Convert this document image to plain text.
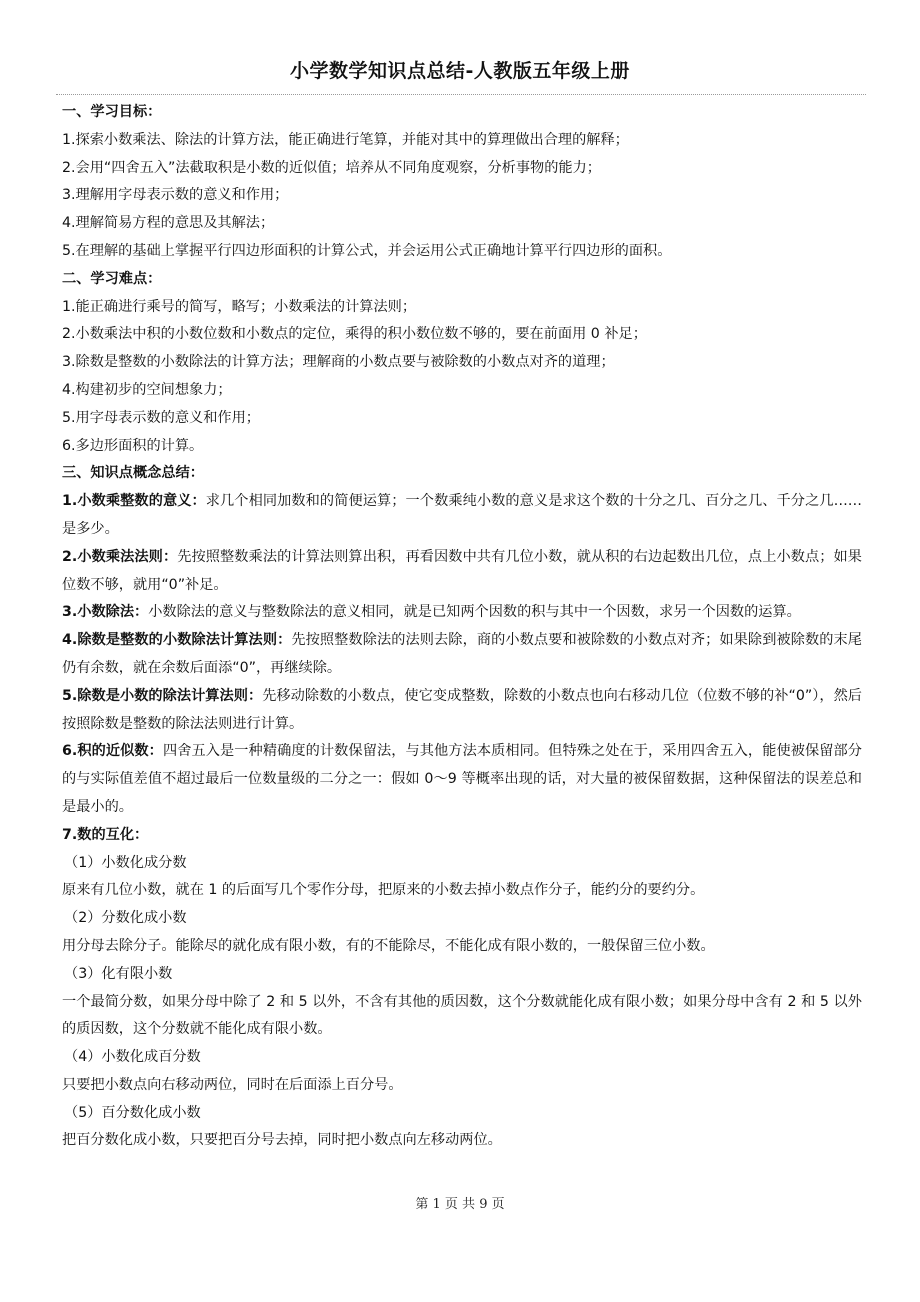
小学数学知识点总结-人教版五年级上册
一、学习目标：
1.探索小数乘法、除法的计算方法，能正确进行笔算，并能对其中的算理做出合理的解释；
2.会用“四舍五入”法截取积是小数的近似值；培养从不同角度观察，分析事物的能力；
3.理解用字母表示数的意义和作用；
4.理解简易方程的意思及其解法；
5.在理解的基础上掌握平行四边形面积的计算公式，并会运用公式正确地计算平行四边形的面积。
二、学习难点：
1.能正确进行乘号的简写，略写；小数乘法的计算法则；
2.小数乘法中积的小数位数和小数点的定位，乘得的积小数位数不够的，要在前面用 0 补足；
3.除数是整数的小数除法的计算方法；理解商的小数点要与被除数的小数点对齐的道理；
4.构建初步的空间想象力；
5.用字母表示数的意义和作用；
6.多边形面积的计算。
三、知识点概念总结：
1.小数乘整数的意义：求几个相同加数和的简便运算；一个数乘纯小数的意义是求这个数的十分之几、百分之几、千分之几……是多少。
2.小数乘法法则：先按照整数乘法的计算法则算出积，再看因数中共有几位小数，就从积的右边起数出几位，点上小数点；如果位数不够，就用“0”补足。
3.小数除法：小数除法的意义与整数除法的意义相同，就是已知两个因数的积与其中一个因数，求另一个因数的运算。
4.除数是整数的小数除法计算法则：先按照整数除法的法则去除，商的小数点要和被除数的小数点对齐；如果除到被除数的末尾仍有余数，就在余数后面添“0”，再继续除。
5.除数是小数的除法计算法则：先移动除数的小数点，使它变成整数，除数的小数点也向右移动几位（位数不够的补“0”），然后按照除数是整数的除法法则进行计算。
6.积的近似数：四舍五入是一种精确度的计数保留法，与其他方法本质相同。但特殊之处在于，采用四舍五入，能使被保留部分的与实际值差值不超过最后一位数量级的二分之一：假如 0～9 等概率出现的话，对大量的被保留数据，这种保留法的误差总和是最小的。
7.数的互化：
（1）小数化成分数
原来有几位小数，就在 1 的后面写几个零作分母，把原来的小数去掉小数点作分子，能约分的要约分。
（2）分数化成小数
用分母去除分子。能除尽的就化成有限小数，有的不能除尽，不能化成有限小数的，一般保留三位小数。
（3）化有限小数
一个最简分数，如果分母中除了 2 和 5 以外，不含有其他的质因数，这个分数就能化成有限小数；如果分母中含有 2 和 5 以外的质因数，这个分数就不能化成有限小数。
（4）小数化成百分数
只要把小数点向右移动两位，同时在后面添上百分号。
（5）百分数化成小数
把百分数化成小数，只要把百分号去掉，同时把小数点向左移动两位。
第 1 页 共 9 页
